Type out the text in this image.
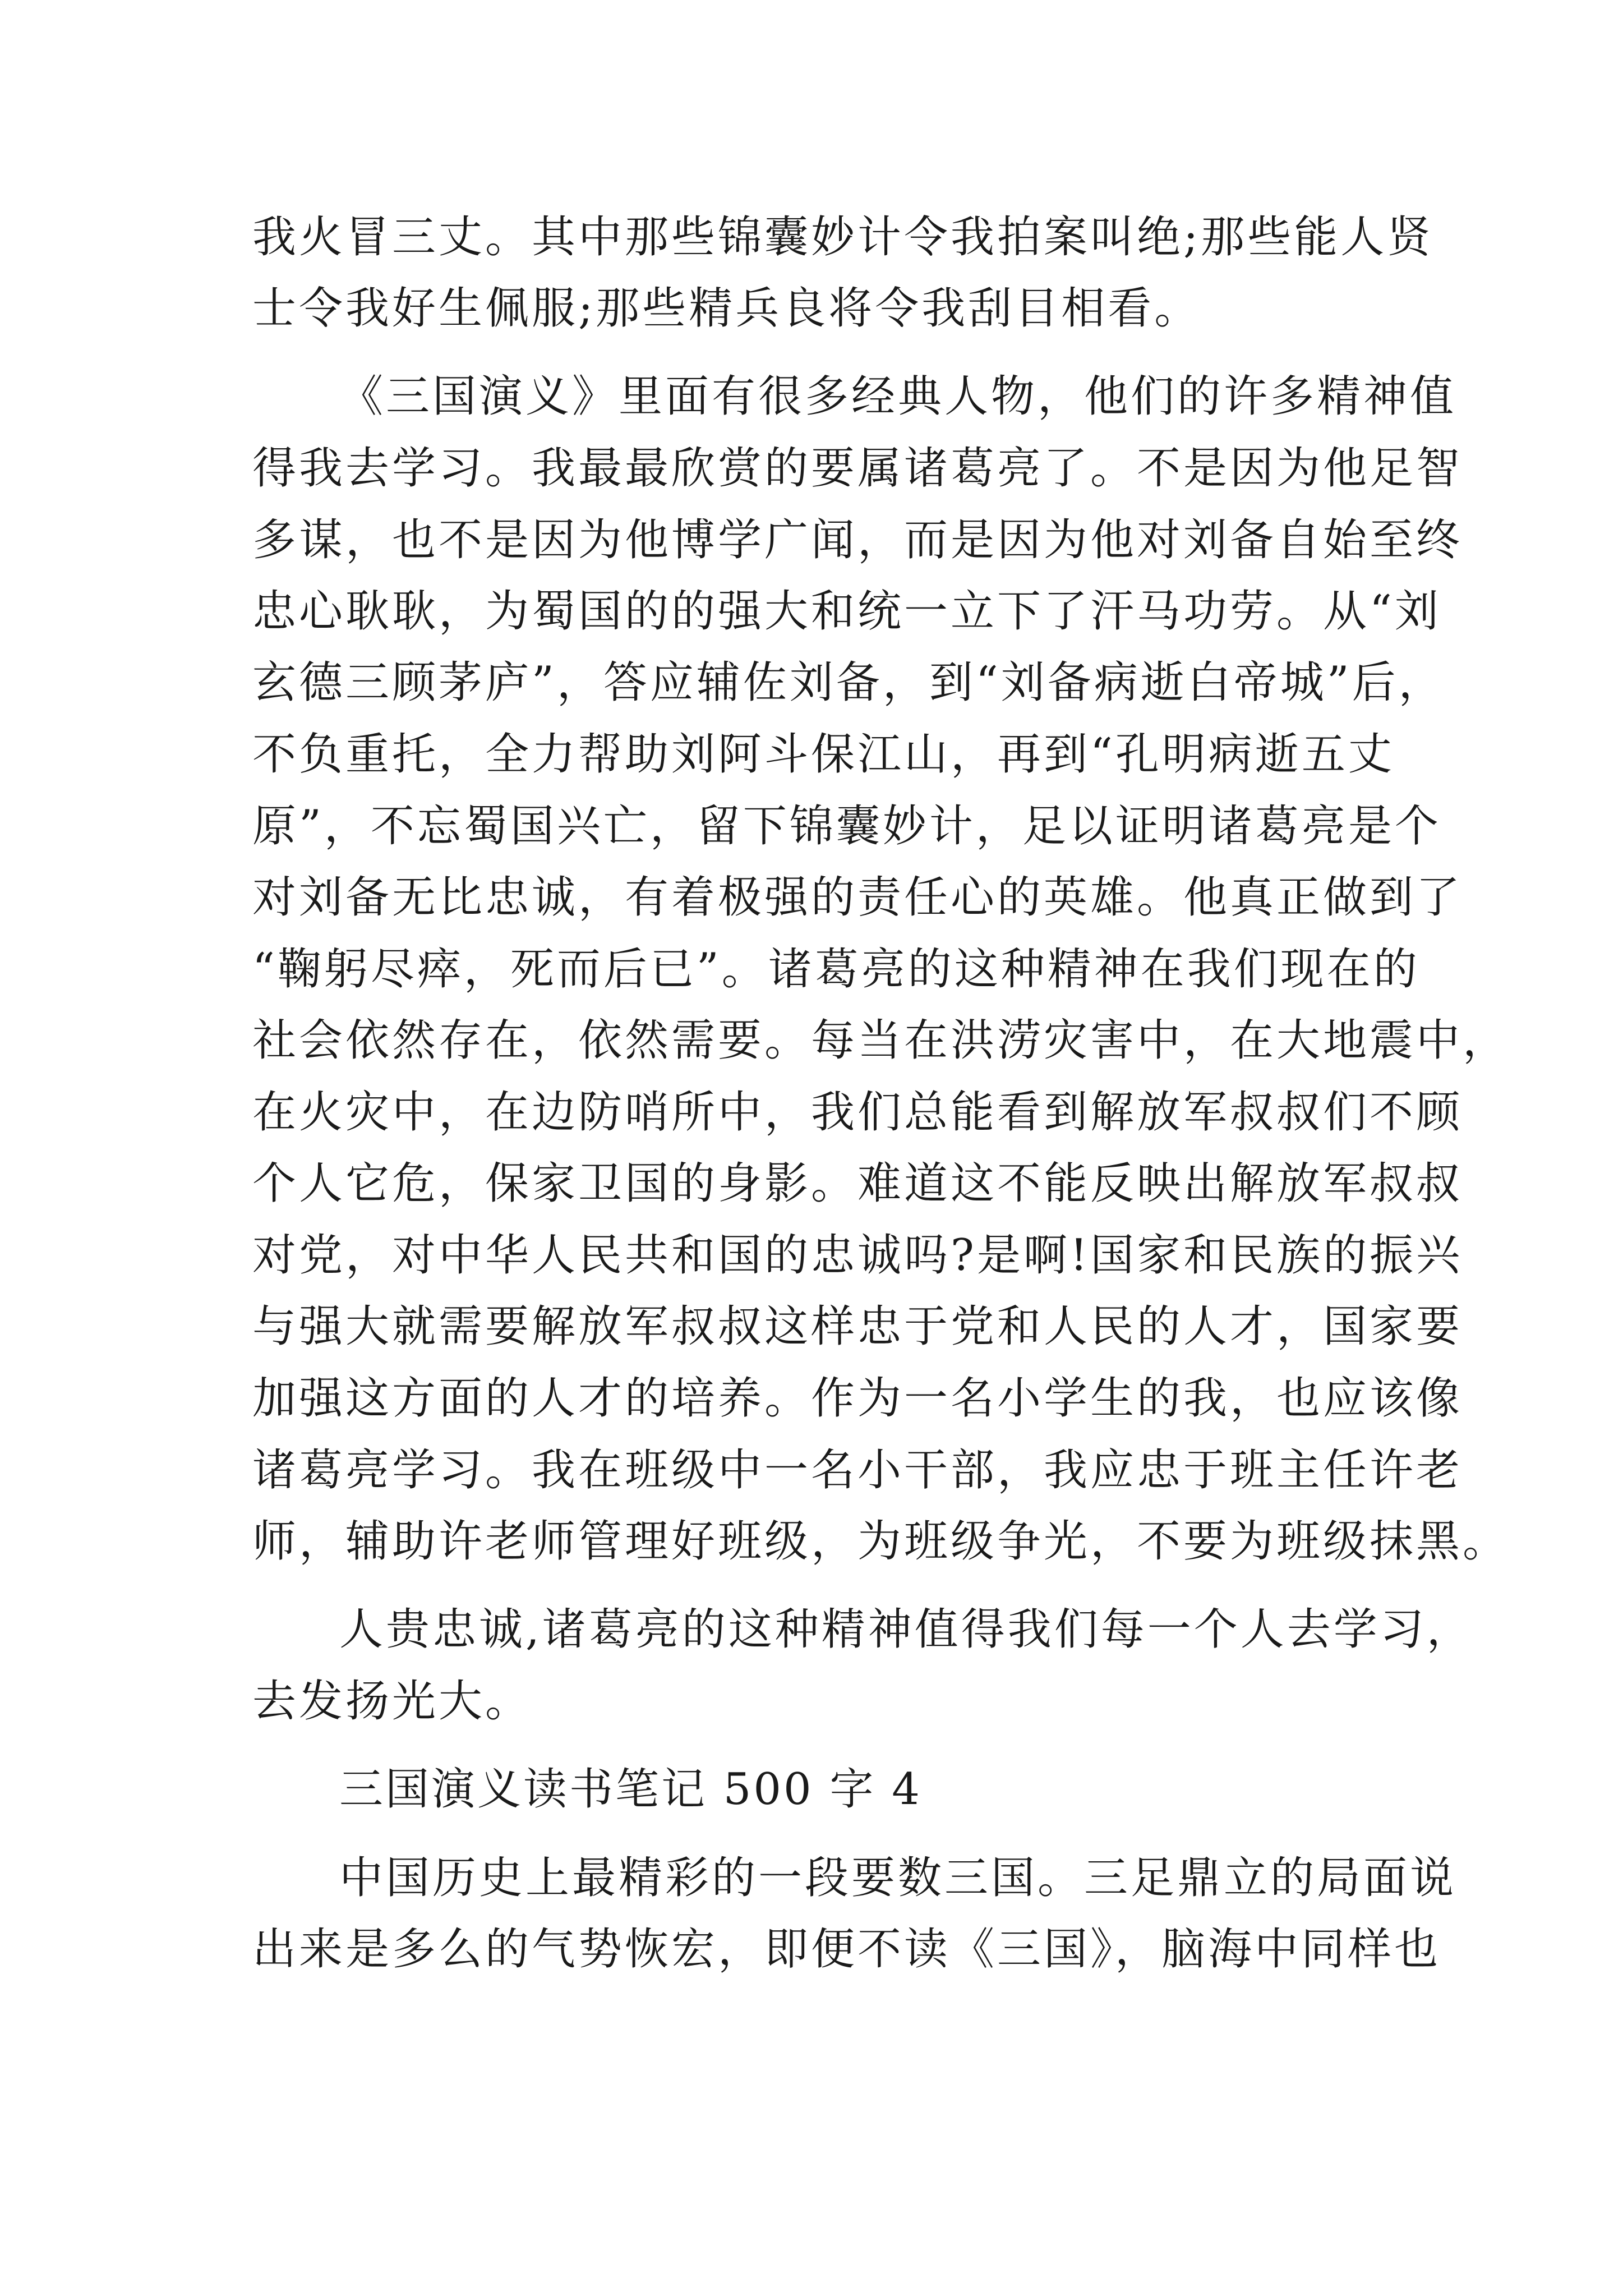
我火冒三丈。其中那些锦囊妙计令我拍案叫绝;那些能人贤
士令我好生佩服;那些精兵良将令我刮目相看。
《三国演义》里面有很多经典人物，他们的许多精神值
得我去学习。我最最欣赏的要属诸葛亮了。不是因为他足智
多谋，也不是因为他博学广闻，而是因为他对刘备自始至终
忠心耿耿，为蜀国的的强大和统一立下了汗马功劳。从“刘
玄德三顾茅庐”，答应辅佐刘备，到“刘备病逝白帝城”后，
不负重托，全力帮助刘阿斗保江山，再到“孔明病逝五丈
原”，不忘蜀国兴亡，留下锦囊妙计，足以证明诸葛亮是个
对刘备无比忠诚，有着极强的责任心的英雄。他真正做到了
“鞠躬尽瘁，死而后已”。诸葛亮的这种精神在我们现在的
社会依然存在，依然需要。每当在洪涝灾害中，在大地震中，
在火灾中，在边防哨所中，我们总能看到解放军叔叔们不顾
个人它危，保家卫国的身影。难道这不能反映出解放军叔叔
对党，对中华人民共和国的忠诚吗?是啊!国家和民族的振兴
与强大就需要解放军叔叔这样忠于党和人民的人才，国家要
加强这方面的人才的培养。作为一名小学生的我，也应该像
诸葛亮学习。我在班级中一名小干部，我应忠于班主任许老
师，辅助许老师管理好班级，为班级争光，不要为班级抹黑。
人贵忠诚,诸葛亮的这种精神值得我们每一个人去学习，
去发扬光大。
三国演义读书笔记 500 字 4
中国历史上最精彩的一段要数三国。三足鼎立的局面说
出来是多么的气势恢宏，即便不读《三国》，脑海中同样也
